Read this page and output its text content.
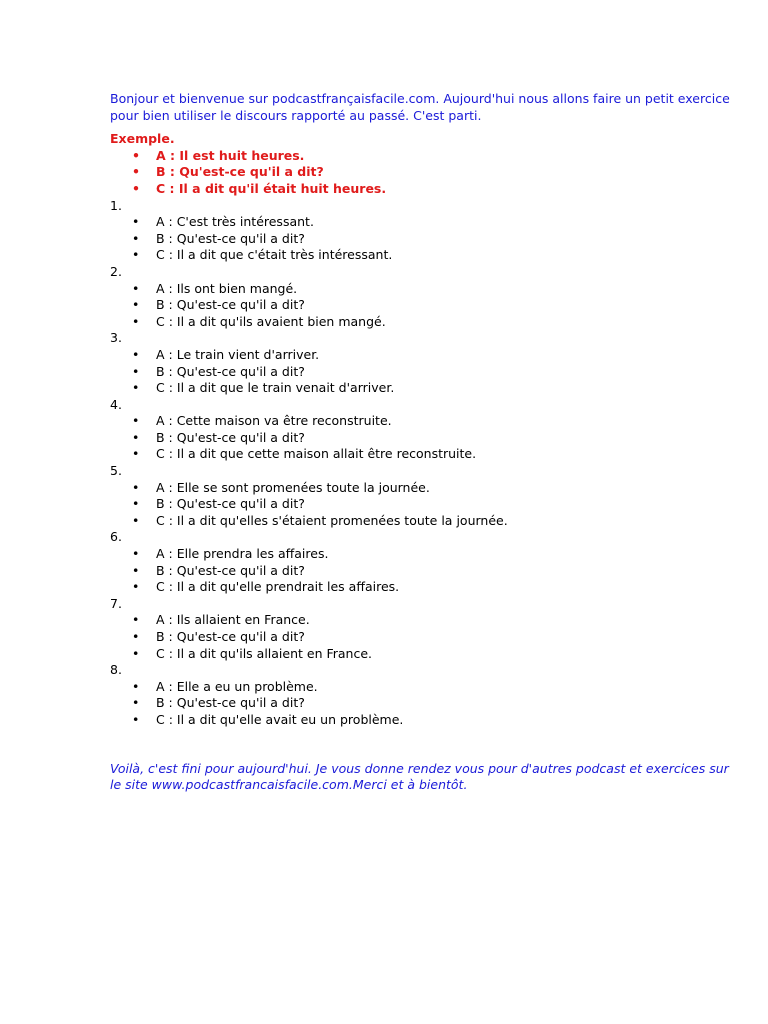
Bonjour et bienvenue sur podcastfrançaisfacile.com. Aujourd'hui nous allons faire un petit exercice pour bien utiliser le discours rapporté au passé. C'est parti.

Exemple.

• A : Il est huit heures.
• B : Qu'est-ce qu'il a dit?
• C : Il a dit qu'il était huit heures.

1.

• A : C'est très intéressant.
• B : Qu'est-ce qu'il a dit?
• C : Il a dit que c'était très intéressant.

2.

• A : Ils ont bien mangé.
• B : Qu'est-ce qu'il a dit?
• C : Il a dit qu'ils avaient bien mangé.

3.

• A : Le train vient d'arriver.
• B : Qu'est-ce qu'il a dit?
• C : Il a dit que le train venait d'arriver.

4.

• A : Cette maison va être reconstruite.
• B : Qu'est-ce qu'il a dit?
• C : Il a dit que cette maison allait être reconstruite.

5.

• A : Elle se sont promenées toute la journée.
• B : Qu'est-ce qu'il a dit?
• C : Il a dit qu'elles s'étaient promenées toute la journée.

6.

• A : Elle prendra les affaires.
• B : Qu'est-ce qu'il a dit?
• C : Il a dit qu'elle prendrait les affaires.

7.

• A : Ils allaient en France.
• B : Qu'est-ce qu'il a dit?
• C : Il a dit qu'ils allaient en France.

8.

• A : Elle a eu un problème.
• B : Qu'est-ce qu'il a dit?
• C : Il a dit qu'elle avait eu un problème.

Voilà, c'est fini pour aujourd'hui. Je vous donne rendez vous pour d'autres podcast et exercices sur le site www.podcastfrancaisfacile.com.Merci et à bientôt.
